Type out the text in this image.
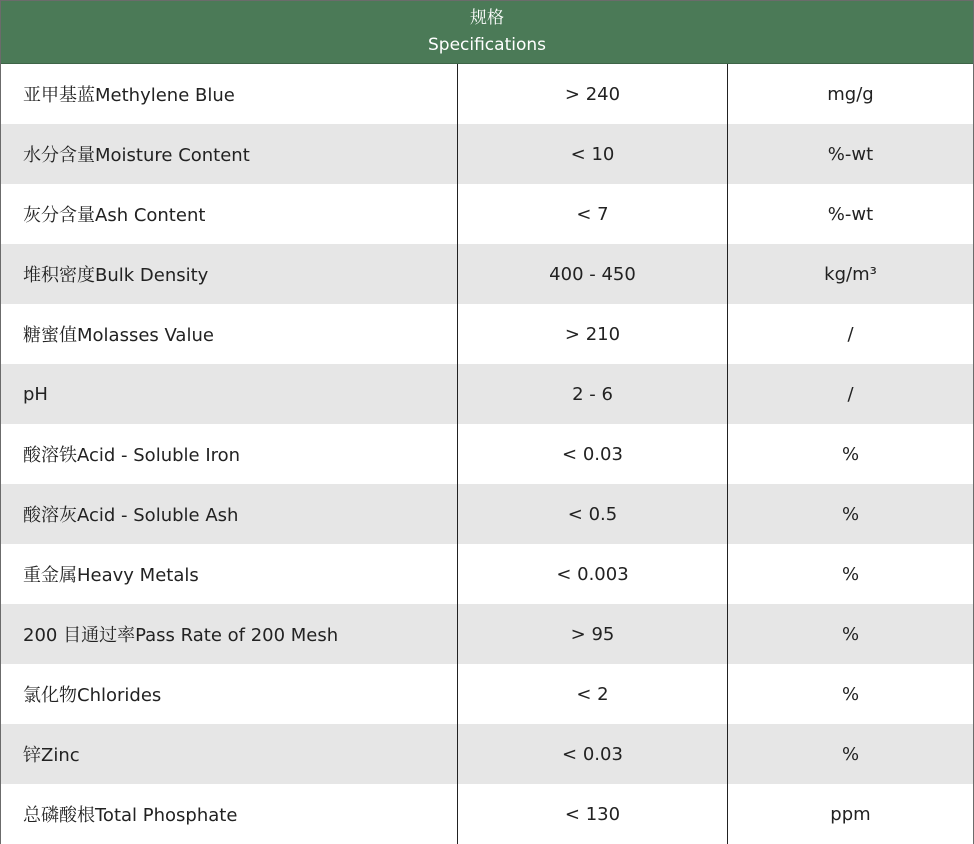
规格
Specifications
亚甲基蓝Methylene Blue	> 240	mg/g
水分含量Moisture Content	< 10	%-wt
灰分含量Ash Content	< 7	%-wt
堆积密度Bulk Density	400 - 450	kg/m³
糖蜜值Molasses Value	> 210	/
pH	2 - 6	/
酸溶铁Acid - Soluble Iron	< 0.03	%
酸溶灰Acid - Soluble Ash	< 0.5	%
重金属Heavy Metals	< 0.003	%
200 目通过率Pass Rate of 200 Mesh	> 95	%
氯化物Chlorides	< 2	%
锌Zinc	< 0.03	%
总磷酸根Total Phosphate	< 130	ppm
